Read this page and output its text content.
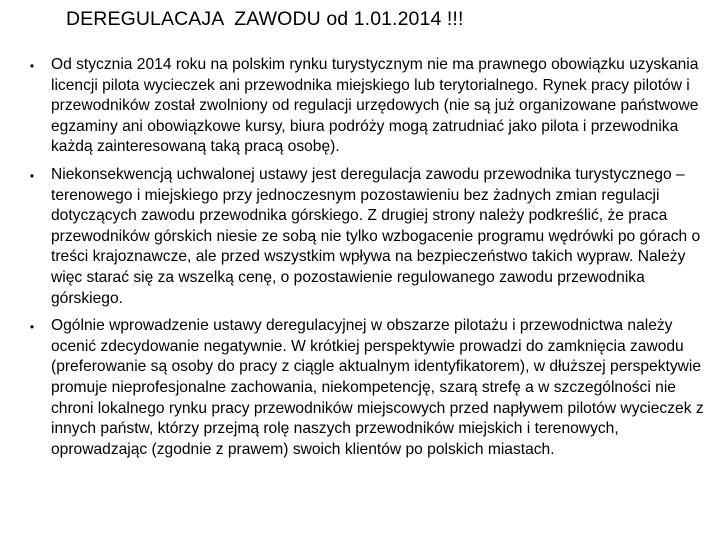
DEREGULACAJA  ZAWODU od 1.01.2014 !!!
•	Od stycznia 2014 roku na polskim rynku turystycznym nie ma prawnego obowiązku uzyskania licencji pilota wycieczek ani przewodnika miejskiego lub terytorialnego. Rynek pracy pilotów i przewodników został zwolniony od regulacji urzędowych (nie są już organizowane państwowe egzaminy ani obowiązkowe kursy, biura podróży mogą zatrudniać jako pilota i przewodnika każdą zainteresowaną taką pracą osobę).
•	Niekonsekwencją uchwalonej ustawy jest deregulacja zawodu przewodnika turystycznego – terenowego i miejskiego przy jednoczesnym pozostawieniu bez żadnych zmian regulacji dotyczących zawodu przewodnika górskiego. Z drugiej strony należy podkreślić, że praca przewodników górskich niesie ze sobą nie tylko wzbogacenie programu wędrówki po górach o treści krajoznawcze, ale przed wszystkim wpływa na bezpieczeństwo takich wypraw. Należy więc starać się za wszelką cenę, o pozostawienie regulowanego zawodu przewodnika górskiego.
•	Ogólnie wprowadzenie ustawy deregulacyjnej w obszarze pilotażu i przewodnictwa należy ocenić zdecydowanie negatywnie. W krótkiej perspektywie prowadzi do zamknięcia zawodu (preferowanie są osoby do pracy z ciągle aktualnym identyfikatorem), w dłuższej perspektywie promuje nieprofesjonalne zachowania, niekompetencję, szarą strefę a w szczególności nie chroni lokalnego rynku pracy przewodników miejscowych przed napływem pilotów wycieczek z innych państw, którzy przejmą rolę naszych przewodników miejskich i terenowych, oprowadzając (zgodnie z prawem) swoich klientów po polskich miastach.
